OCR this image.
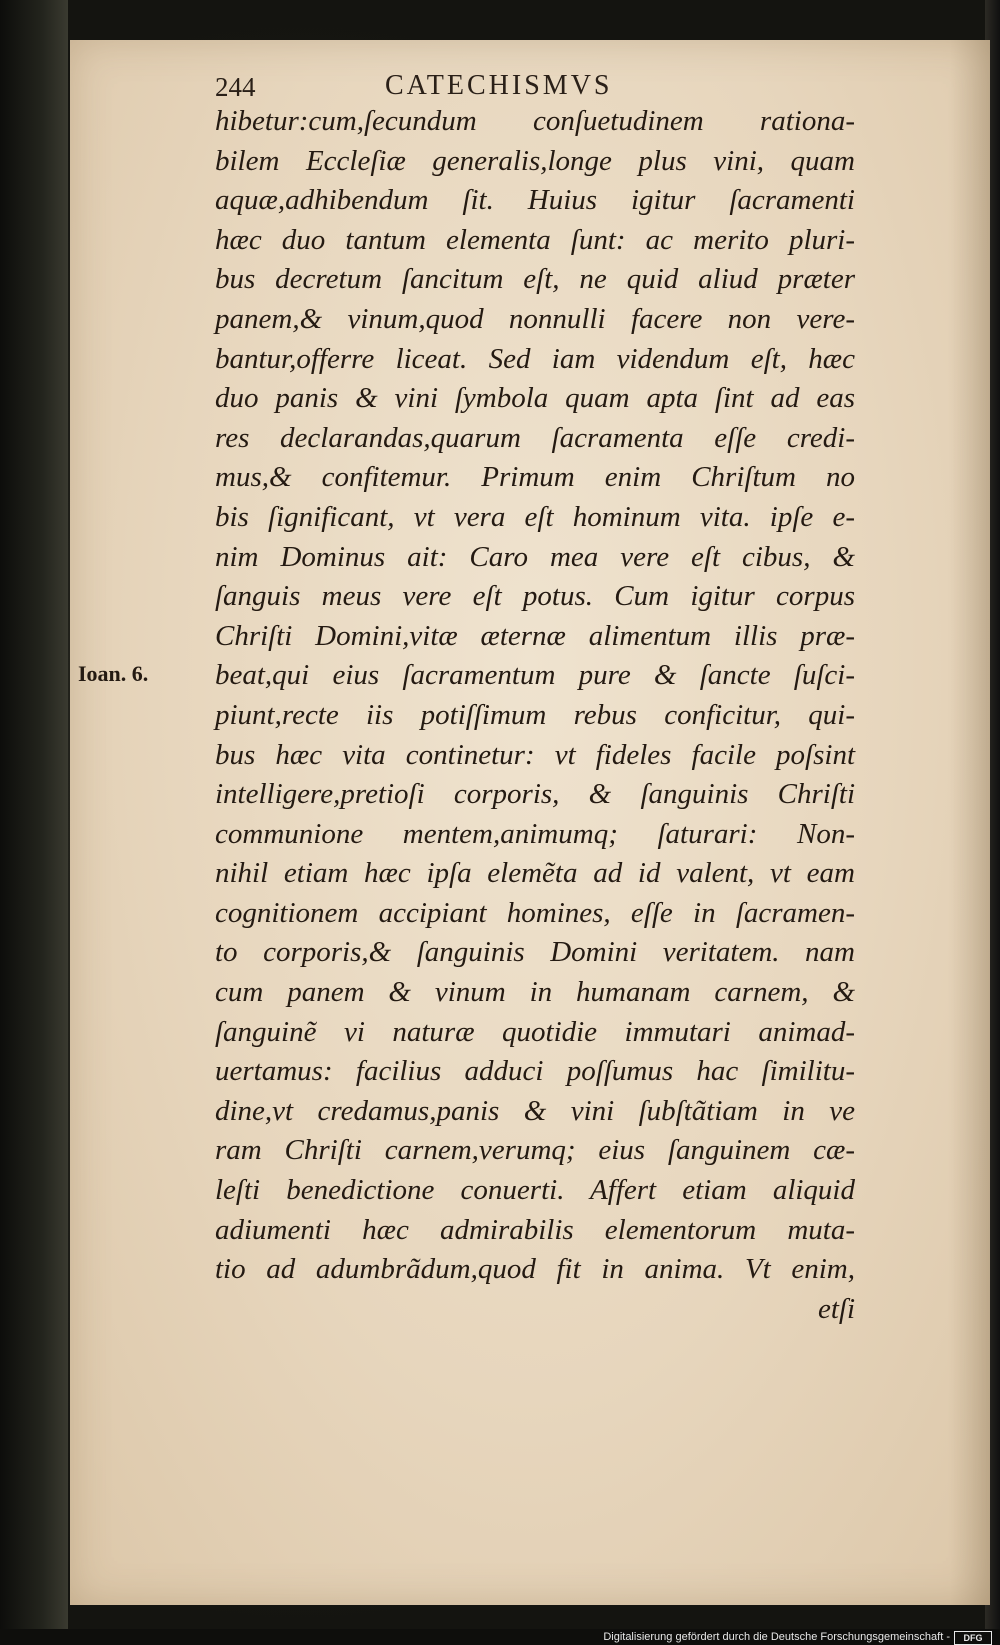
244	CATECHISMVS
Ioan. 6.
hibetur:cum,ſecundum conſuetudinem rationa-
bilem Eccleſiæ generalis,longe plus vini, quam
aquæ,adhibendum ſit. Huius igitur ſacramenti
hæc duo tantum elementa ſunt: ac merito pluri-
bus decretum ſancitum eſt, ne quid aliud præter
panem,& vinum,quod nonnulli facere non vere-
bantur,offerre liceat. Sed iam videndum eſt, hæc
duo panis & vini ſymbola quam apta ſint ad eas
res declarandas,quarum ſacramenta eſſe credi-
mus,& confitemur. Primum enim Chriſtum no
bis ſignificant, vt vera eſt hominum vita. ipſe e-
nim Dominus ait: Caro mea vere eſt cibus, &
ſanguis meus vere eſt potus. Cum igitur corpus
Chriſti Domini,vitæ æternæ alimentum illis præ-
beat,qui eius ſacramentum pure & ſancte ſuſci-
piunt,recte iis potiſſimum rebus conficitur, qui-
bus hæc vita continetur: vt fideles facile poſsint
intelligere,pretioſi corporis, & ſanguinis Chriſti
communione mentem,animumq; ſaturari: Non-
nihil etiam hæc ipſa elemẽta ad id valent, vt eam
cognitionem accipiant homines, eſſe in ſacramen-
to corporis,& ſanguinis Domini veritatem. nam
cum panem & vinum in humanam carnem, &
ſanguinẽ vi naturæ quotidie immutari animad-
uertamus: facilius adduci poſſumus hac ſimilitu-
dine,vt credamus,panis & vini ſubſtãtiam in ve
ram Chriſti carnem,verumq; eius ſanguinem cæ-
leſti benedictione conuerti. Affert etiam aliquid
adiumenti hæc admirabilis elementorum muta-
tio ad adumbrãdum,quod fit in anima. Vt enim,
etſi
Digitalisierung gefördert durch die Deutsche Forschungsgemeinschaft -	DFG
